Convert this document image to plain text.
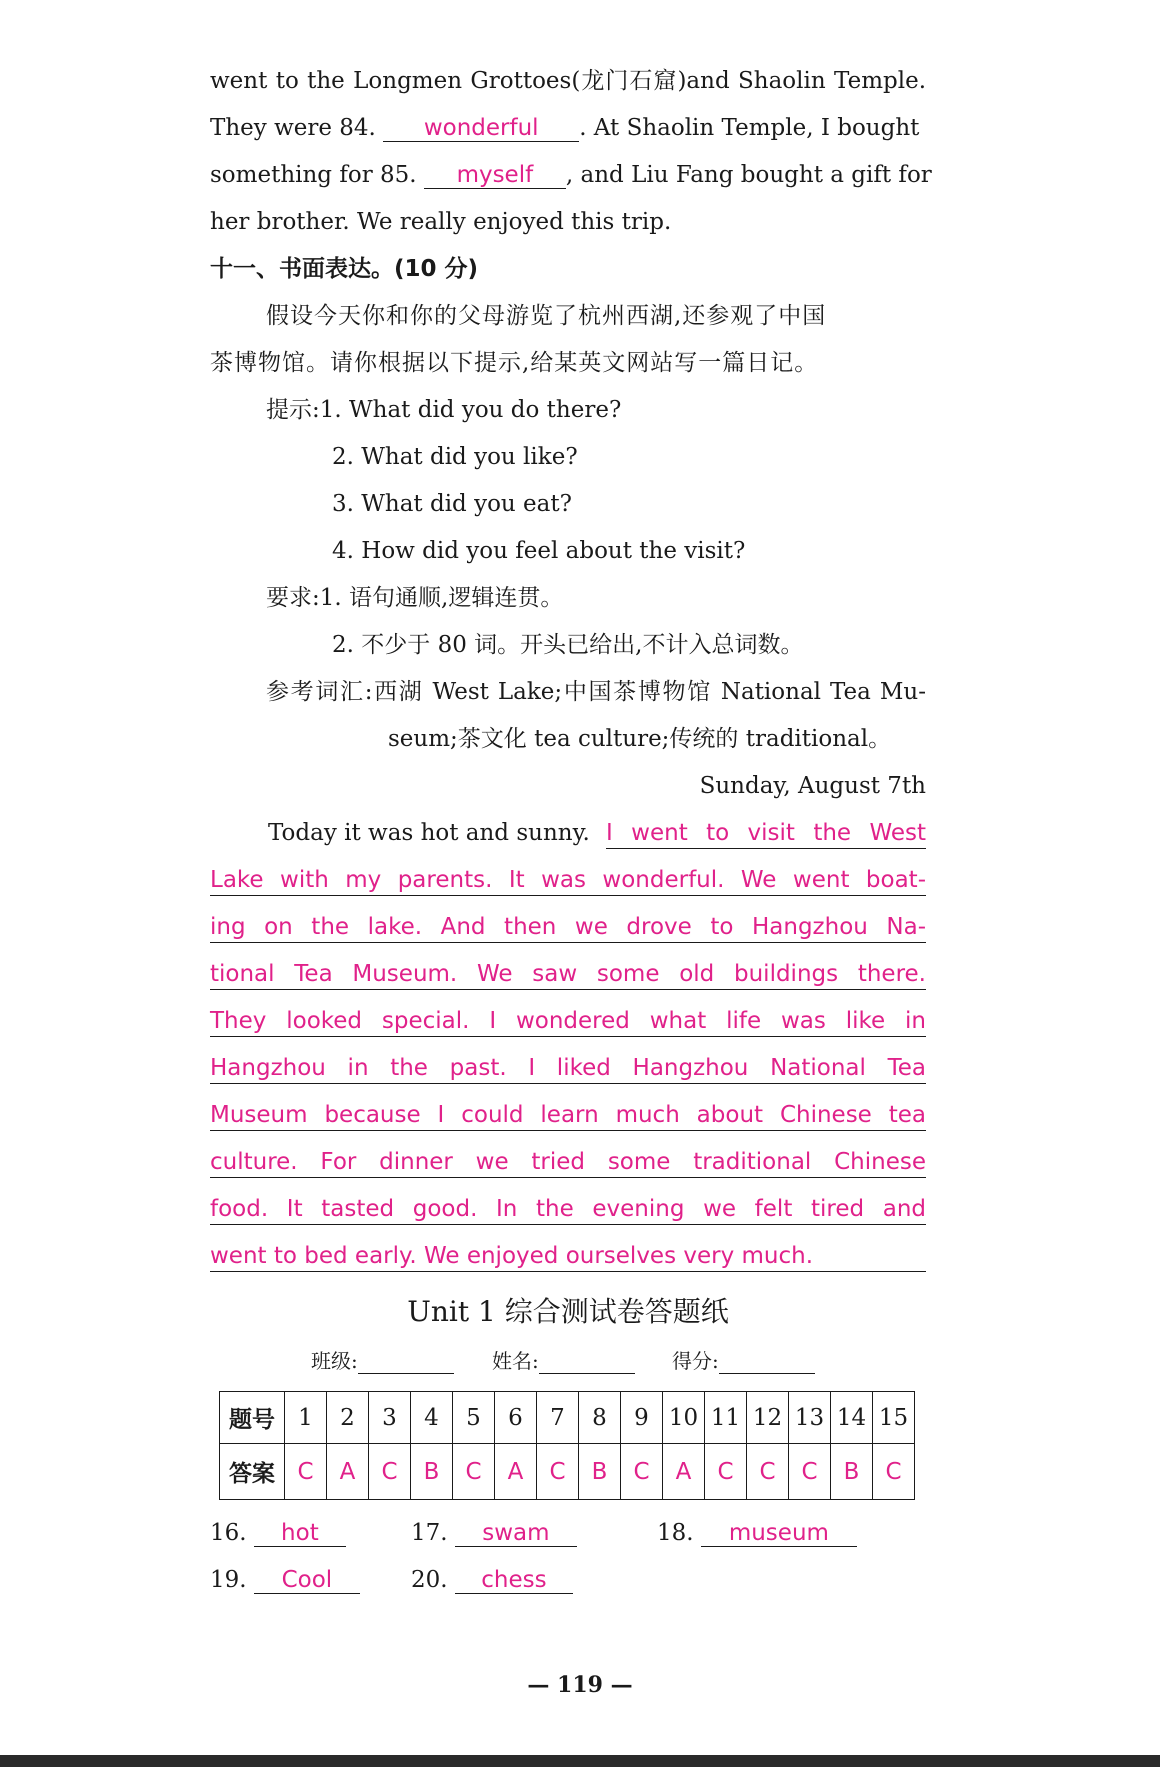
went to the Longmen Grottoes(龙门石窟)and Shaolin Temple.
They were 84. wonderful . At Shaolin Temple, I bought
something for 85. myself , and Liu Fang bought a gift for
her brother. We really enjoyed this trip.
十一、书面表达。(10 分)
假设今天你和你的父母游览了杭州西湖,还参观了中国
茶博物馆。请你根据以下提示,给某英文网站写一篇日记。
提示:1. What did you do there?
2. What did you like?
3. What did you eat?
4. How did you feel about the visit?
要求:1. 语句通顺,逻辑连贯。
2. 不少于 80 词。开头已给出,不计入总词数。
参考词汇:西湖 West Lake;中国茶博物馆 National Tea Mu-
seum;茶文化 tea culture;传统的 traditional。
Sunday, August 7th
Today it was hot and sunny. I went to visit the West
Lake with my parents. It was wonderful. We went boat-
ing on the lake. And then we drove to Hangzhou Na-
tional Tea Museum. We saw some old buildings there.
They looked special. I wondered what life was like in
Hangzhou in the past. I liked Hangzhou National Tea
Museum because I could learn much about Chinese tea
culture. For dinner we tried some traditional Chinese
food. It tasted good. In the evening we felt tired and
went to bed early. We enjoyed ourselves very much.
Unit 1 综合测试卷答题纸
班级:	姓名:	得分:
题号	1	2	3	4	5	6	7	8	9	10	11	12	13	14	15
答案	C	A	C	B	C	A	C	B	C	A	C	C	C	B	C
16. hot	17. swam	18. museum
19. Cool	20. chess
— 119 —
